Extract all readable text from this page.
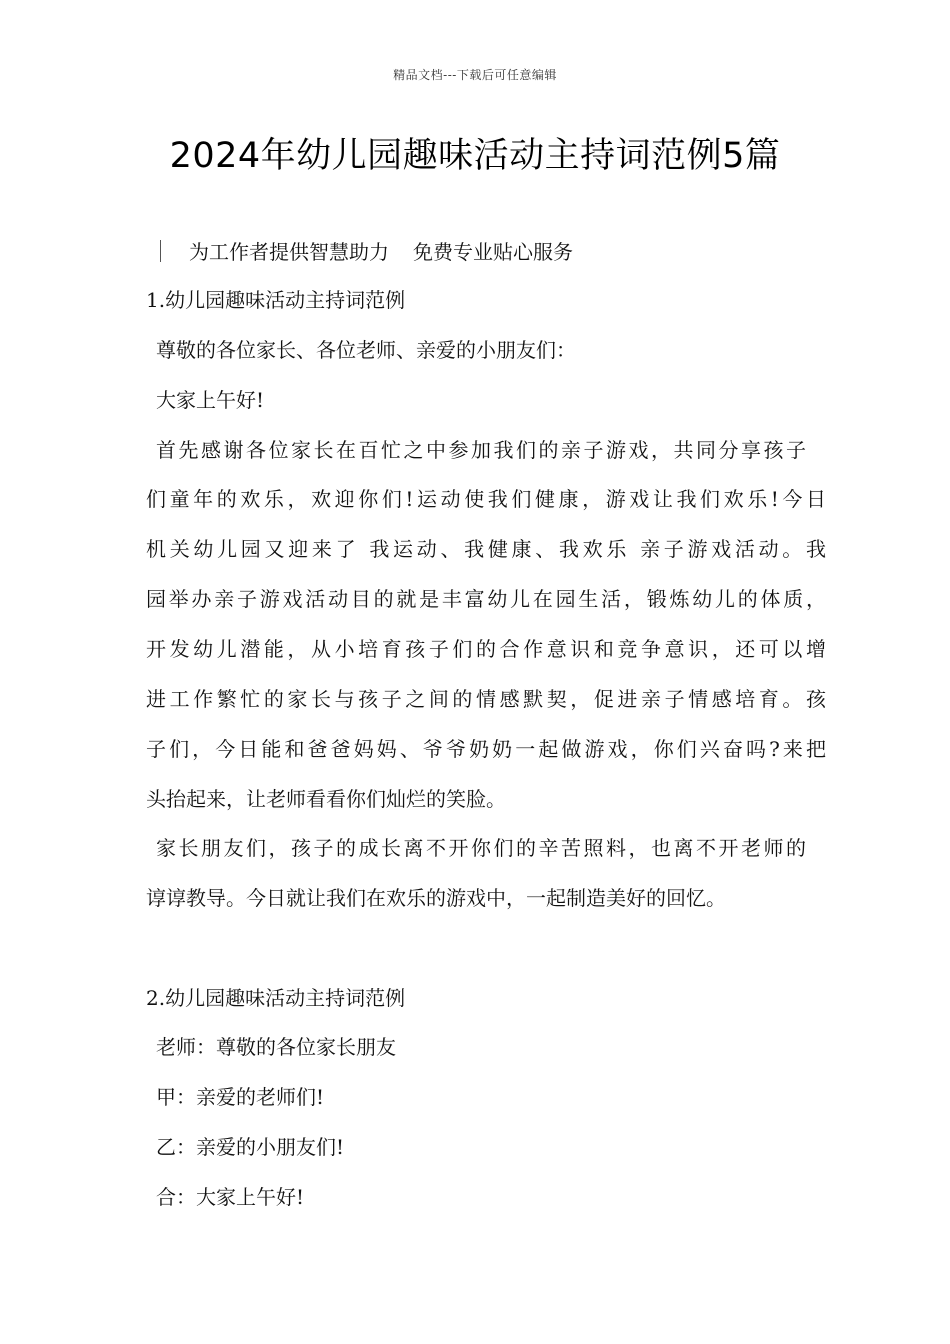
精品文档---下载后可任意编辑
2024年幼儿园趣味活动主持词范例5篇
为工作者提供智慧助力 免费专业贴心服务
1.幼儿园趣味活动主持词范例
尊敬的各位家长、各位老师、亲爱的小朋友们：
大家上午好!
首先感谢各位家长在百忙之中参加我们的亲子游戏，共同分享孩子
们童年的欢乐，欢迎你们!运动使我们健康，游戏让我们欢乐!今日
机关幼儿园又迎来了 我运动、我健康、我欢乐 亲子游戏活动。我
园举办亲子游戏活动目的就是丰富幼儿在园生活，锻炼幼儿的体质，
开发幼儿潜能，从小培育孩子们的合作意识和竞争意识，还可以增
进工作繁忙的家长与孩子之间的情感默契，促进亲子情感培育。孩
子们，今日能和爸爸妈妈、爷爷奶奶一起做游戏，你们兴奋吗?来把
头抬起来，让老师看看你们灿烂的笑脸。
家长朋友们，孩子的成长离不开你们的辛苦照料，也离不开老师的
谆谆教导。今日就让我们在欢乐的游戏中，一起制造美好的回忆。
2.幼儿园趣味活动主持词范例
老师：尊敬的各位家长朋友
甲：亲爱的老师们!
乙：亲爱的小朋友们!
合：大家上午好!
